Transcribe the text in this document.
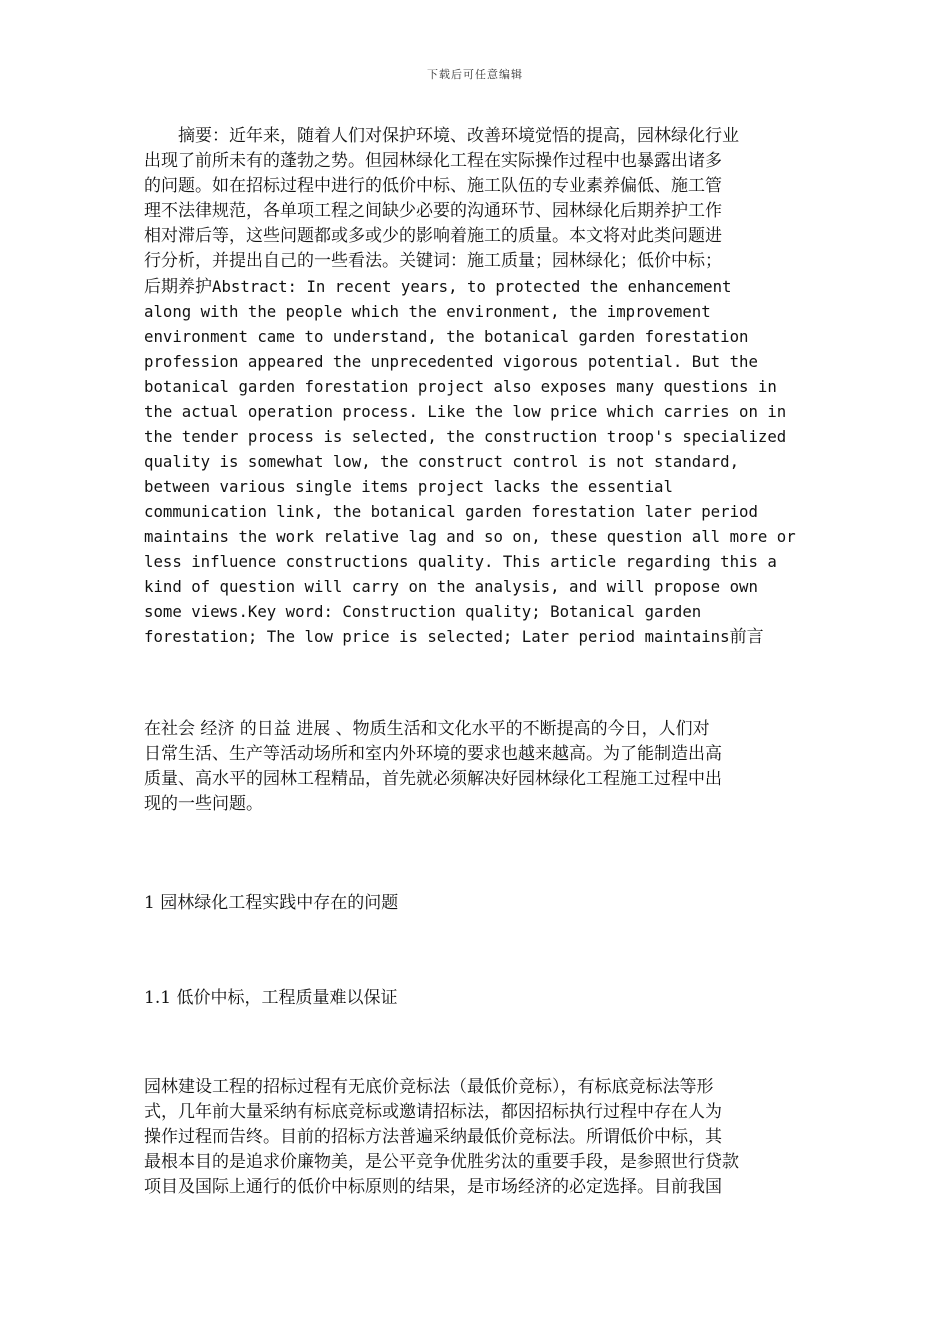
下载后可任意编辑
　　摘要：近年来，随着人们对保护环境、改善环境觉悟的提高，园林绿化行业
出现了前所未有的蓬勃之势。但园林绿化工程在实际操作过程中也暴露出诸多
的问题。如在招标过程中进行的低价中标、施工队伍的专业素养偏低、施工管
理不法律规范，各单项工程之间缺少必要的沟通环节、园林绿化后期养护工作
相对滞后等，这些问题都或多或少的影响着施工的质量。本文将对此类问题进
行分析，并提出自己的一些看法。关键词：施工质量；园林绿化；低价中标；
后期养护Abstract: In recent years, to protected the enhancement
along with the people which the environment, the improvement
environment came to understand, the botanical garden forestation
profession appeared the unprecedented vigorous potential. But the
botanical garden forestation project also exposes many questions in
the actual operation process. Like the low price which carries on in
the tender process is selected, the construction troop's specialized
quality is somewhat low, the construct control is not standard,
between various single items project lacks the essential
communication link, the botanical garden forestation later period
maintains the work relative lag and so on, these question all more or
less influence constructions quality. This article regarding this a
kind of question will carry on the analysis, and will propose own
some views.Key word: Construction quality; Botanical garden
forestation; The low price is selected; Later period maintains前言
在社会 经济 的日益 进展 、物质生活和文化水平的不断提高的今日，人们对
日常生活、生产等活动场所和室内外环境的要求也越来越高。为了能制造出高
质量、高水平的园林工程精品，首先就必须解决好园林绿化工程施工过程中出
现的一些问题。
1 园林绿化工程实践中存在的问题
1.1 低价中标，工程质量难以保证
园林建设工程的招标过程有无底价竞标法（最低价竞标），有标底竞标法等形
式，几年前大量采纳有标底竞标或邀请招标法，都因招标执行过程中存在人为
操作过程而告终。目前的招标方法普遍采纳最低价竞标法。所谓低价中标，其
最根本目的是追求价廉物美，是公平竞争优胜劣汰的重要手段，是参照世行贷款
项目及国际上通行的低价中标原则的结果，是市场经济的必定选择。目前我国
